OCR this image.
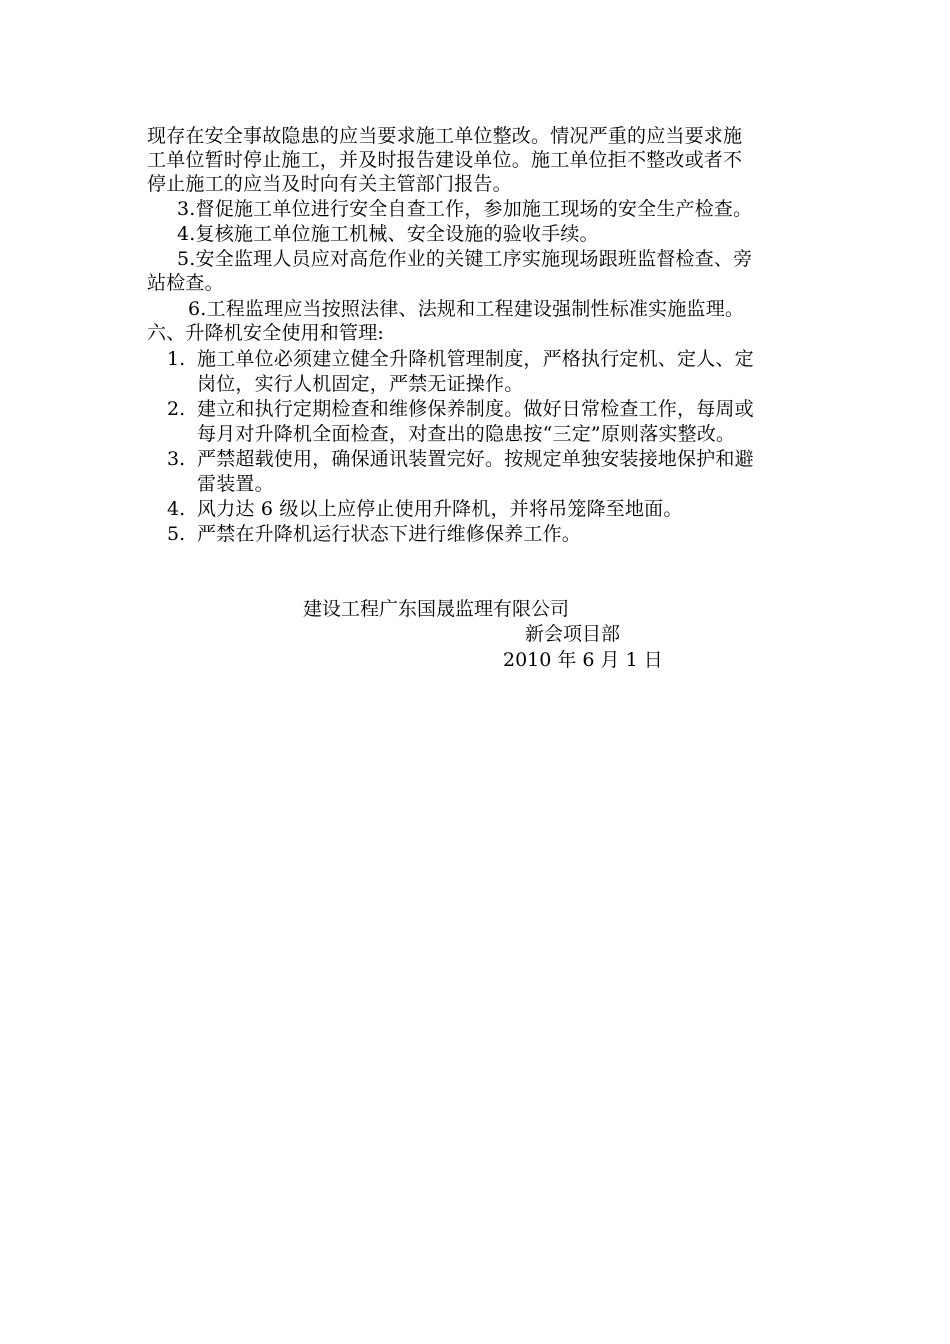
现存在安全事故隐患的应当要求施工单位整改。情况严重的应当要求施
工单位暂时停止施工，并及时报告建设单位。施工单位拒不整改或者不
停止施工的应当及时向有关主管部门报告。
3.督促施工单位进行安全自查工作，参加施工现场的安全生产检查。
4.复核施工单位施工机械、安全设施的验收手续。
5.安全监理人员应对高危作业的关键工序实施现场跟班监督检查、旁
站检查。
6.工程监理应当按照法律、法规和工程建设强制性标准实施监理。
六、升降机安全使用和管理:
1. 施工单位必须建立健全升降机管理制度，严格执行定机、定人、定
岗位，实行人机固定，严禁无证操作。
2. 建立和执行定期检查和维修保养制度。做好日常检查工作，每周或
每月对升降机全面检查，对查出的隐患按“三定”原则落实整改。
3. 严禁超载使用，确保通讯装置完好。按规定单独安装接地保护和避
雷装置。
4. 风力达 6 级以上应停止使用升降机，并将吊笼降至地面。
5. 严禁在升降机运行状态下进行维修保养工作。
建设工程广东国晟监理有限公司
新会项目部
2010 年 6 月 1 日
